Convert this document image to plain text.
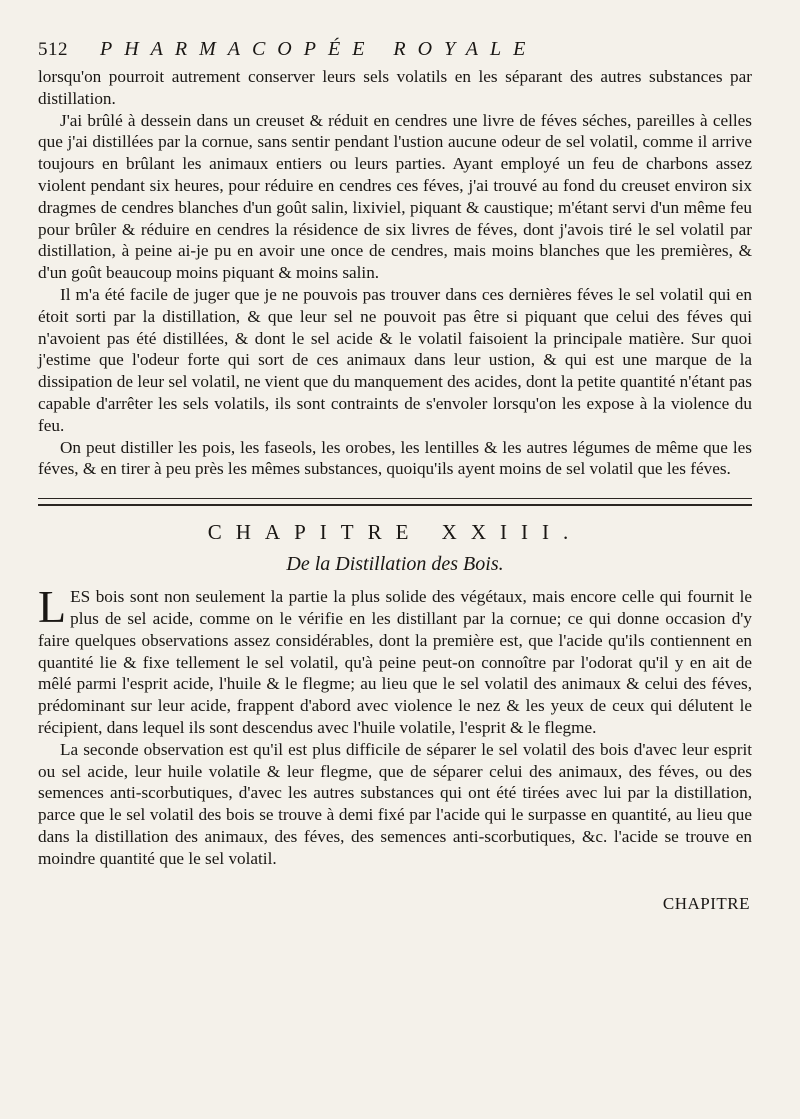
512	PHARMACOPÉE ROYALE

lorsqu'on pourroit autrement conserver leurs sels volatils en les séparant des autres substances par distillation.

J'ai brûlé à dessein dans un creuset & réduit en cendres une livre de féves séches, pareilles à celles que j'ai distillées par la cornue, sans sentir pendant l'ustion aucune odeur de sel volatil, comme il arrive toujours en brûlant les animaux entiers ou leurs parties. Ayant employé un feu de charbons assez violent pendant six heures, pour réduire en cendres ces féves, j'ai trouvé au fond du creuset environ six dragmes de cendres blanches d'un goût salin, lixiviel, piquant & caustique; m'étant servi d'un même feu pour brûler & réduire en cendres la résidence de six livres de féves, dont j'avois tiré le sel volatil par distillation, à peine ai-je pu en avoir une once de cendres, mais moins blanches que les premières, & d'un goût beaucoup moins piquant & moins salin.

Il m'a été facile de juger que je ne pouvois pas trouver dans ces dernières féves le sel volatil qui en étoit sorti par la distillation, & que leur sel ne pouvoit pas être si piquant que celui des féves qui n'avoient pas été distillées, & dont le sel acide & le volatil faisoient la principale matière. Sur quoi j'estime que l'odeur forte qui sort de ces animaux dans leur ustion, & qui est une marque de la dissipation de leur sel volatil, ne vient que du manquement des acides, dont la petite quantité n'étant pas capable d'arrêter les sels volatils, ils sont contraints de s'envoler lorsqu'on les expose à la violence du feu.

On peut distiller les pois, les faseols, les orobes, les lentilles & les autres légumes de même que les féves, & en tirer à peu près les mêmes substances, quoiqu'ils ayent moins de sel volatil que les féves.

CHAPITRE XXIII.
De la Distillation des Bois.

LES bois sont non seulement la partie la plus solide des végétaux, mais encore celle qui fournit le plus de sel acide, comme on le vérifie en les distillant par la cornue; ce qui donne occasion d'y faire quelques observations assez considérables, dont la première est, que l'acide qu'ils contiennent en quantité lie & fixe tellement le sel volatil, qu'à peine peut-on connoître par l'odorat qu'il y en ait de mêlé parmi l'esprit acide, l'huile & le flegme; au lieu que le sel volatil des animaux & celui des féves, prédominant sur leur acide, frappent d'abord avec violence le nez & les yeux de ceux qui délutent le récipient, dans lequel ils sont descendus avec l'huile volatile, l'esprit & le flegme.

La seconde observation est qu'il est plus difficile de séparer le sel volatil des bois d'avec leur esprit ou sel acide, leur huile volatile & leur flegme, que de séparer celui des animaux, des féves, ou des semences anti-scorbutiques, d'avec les autres substances qui ont été tirées avec lui par la distillation, parce que le sel volatil des bois se trouve à demi fixé par l'acide qui le surpasse en quantité, au lieu que dans la distillation des animaux, des féves, des semences anti-scorbutiques, &c. l'acide se trouve en moindre quantité que le sel volatil.

CHAPITRE
